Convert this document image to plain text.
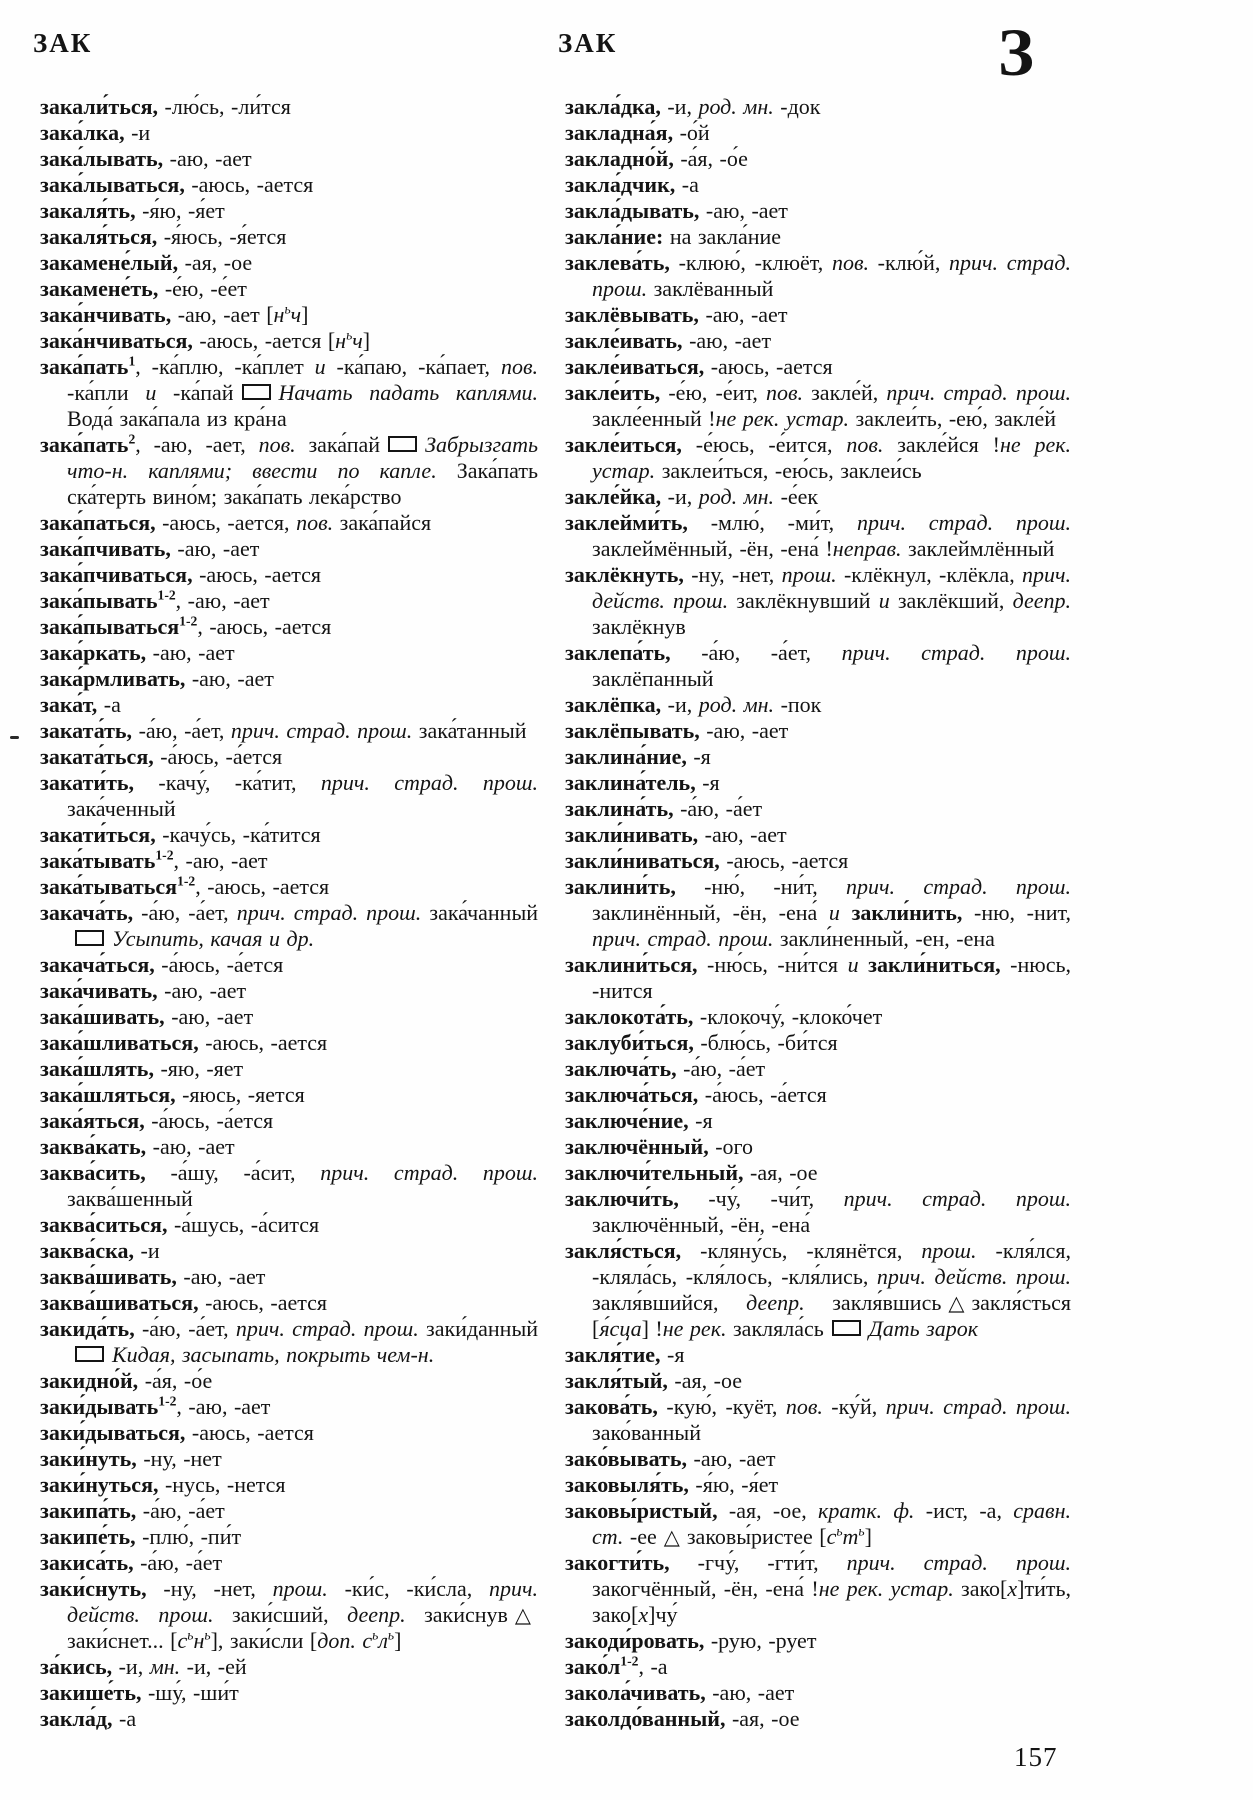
ЗАК	ЗАК	З

закали́ться, -лю́сь, -ли́тся

зака́лка, -и

зака́лывать, -аю, -ает

зака́лываться, -аюсь, -ается

закаля́ть, -я́ю, -я́ет

закаля́ться, -я́юсь, -я́ется

закамене́лый, -ая, -ое

закамене́ть, -е́ю, -е́ет

зака́нчивать, -аю, -ает $[н^ьч]$

зака́нчиваться, -аюсь, -ается $[н^ьч]$

зака́пать$^1$, -ка́плю, -ка́плет и -ка́паю, -ка́пает, пов. -ка́пли и -ка́пай Начать падать каплями. Вода́ зака́пала из кра́на

зака́пать$^2$, -аю, -ает, пов. зака́пай Забрызгать что-н. каплями; ввести по капле. Зака́пать ска́терть вино́м; зака́пать лека́рство

зака́паться, -аюсь, -ается, пов. зака́пайся

зака́пчивать, -аю, -ает

зака́пчиваться, -аюсь, -ается

зака́пывать$^{1-2}$, -аю, -ает

зака́пываться$^{1-2}$, -аюсь, -ается

зака́ркать, -аю, -ает

зака́рмливать, -аю, -ает

зака́т, -а

заката́ть, -а́ю, -а́ет, прич. страд. прош. зака́танный

заката́ться, -а́юсь, -а́ется

закати́ть, -качу́, -ка́тит, прич. страд. прош. зака́ченный

закати́ться, -качу́сь, -ка́тится

зака́тывать$^{1-2}$, -аю, -ает

зака́тываться$^{1-2}$, -аюсь, -ается

закача́ть, -а́ю, -а́ет, прич. страд. прош. зака́чанныйУсыпить, качая и др.

закача́ться, -а́юсь, -а́ется

зака́чивать, -аю, -ает

зака́шивать, -аю, -ает

зака́шливаться, -аюсь, -ается

зака́шлять, -яю, -яет

зака́шляться, -яюсь, -яется

зака́яться, -а́юсь, -а́ется

заква́кать, -аю, -ает

заква́сить, -а́шу, -а́сит, прич. страд. прош. заква́шенный

заква́ситься, -а́шусь, -а́сится

заква́ска, -и

заква́шивать, -аю, -ает

заква́шиваться, -аюсь, -ается

закида́ть, -а́ю, -а́ет, прич. страд. прош. заки́данныйКидая, засыпать, покрыть чем-н.

закидно́й, -а́я, -о́е

заки́дывать$^{1-2}$, -аю, -ает

заки́дываться, -аюсь, -ается

заки́нуть, -ну, -нет

заки́нуться, -нусь, -нется

закипа́ть, -а́ю, -а́ет

закипе́ть, -плю́, -пи́т

закиса́ть, -а́ю, -а́ет

заки́снуть, -ну, -нет, прош. -ки́с, -ки́сла, прич. действ. прош. заки́сший, деепр. заки́снув △заки́снет... $[с^ьн^ь]$, заки́сли [доп. $с^ьл^ь$]

за́кись, -и, мн. -и, -ей

закише́ть, -шу́, -ши́т

закла́д, -а

закла́дка, -и, род. мн. -док

закладна́я, -о́й

закладно́й, -а́я, -о́е

закла́дчик, -а

закла́дывать, -аю, -ает

закла́ние: на закла́ние

заклева́ть, -клюю́, -клюёт, пов. -клю́й, прич. страд. прош. заклёванный

заклёвывать, -аю, -ает

закле́ивать, -аю, -ает

закле́иваться, -аюсь, -ается

закле́ить, -е́ю, -е́ит, пов. закле́й, прич. страд. прош. закле́енный !не рек. устар. заклеи́ть, -ею́, закле́й

закле́иться, -е́юсь, -е́ится, пов. закле́йся !не рек. устар. заклеи́ться, -ею́сь, заклеи́сь

закле́йка, -и, род. мн. -е́ек

заклейми́ть, -млю́, -ми́т, прич. страд. прош. заклеймённый, -ён, -ена́ !неправ. заклеймлённый

заклёкнуть, -ну, -нет, прош. -клёкнул, -клёкла, прич. действ. прош. заклёкнувший и заклёкший, деепр. заклёкнув

заклепа́ть, -а́ю, -а́ет, прич. страд. прош. заклёпанный

заклёпка, -и, род. мн. -пок

заклёпывать, -аю, -ает

заклина́ние, -я

заклина́тель, -я

заклина́ть, -а́ю, -а́ет

закли́нивать, -аю, -ает

закли́ниваться, -аюсь, -ается

заклини́ть, -ню́, -ни́т, прич. страд. прош. заклинённый, -ён, -ена́ и закли́нить, -ню, -нит, прич. страд. прош. закли́ненный, -ен, -ена

заклини́ться, -ню́сь, -ни́тся и закли́ниться, -нюсь, -нится

заклокота́ть, -клокочу́, -клоко́чет

заклуби́ться, -блю́сь, -би́тся

заключа́ть, -а́ю, -а́ет

заключа́ться, -а́юсь, -а́ется

заключе́ние, -я

заключённый, -ого

заключи́тельный, -ая, -ое

заключи́ть, -чу́, -чи́т, прич. страд. прош. заключённый, -ён, -ена́

закля́сться, -кляну́сь, -клянётся, прош. -кля́лся, -кляла́сь, -кля́лось, -кля́лись, прич. действ. прош. закля́вшийся, деепр. закля́вшись △ закля́сться [я́сца] !не рек. закляла́сь Дать зарок

закля́тие, -я

закля́тый, -ая, -ое

закова́ть, -кую́, -куёт, пов. -ку́й, прич. страд. прош. зако́ванный

зако́вывать, -аю, -ает

заковыля́ть, -я́ю, -я́ет

заковы́ристый, -ая, -ое, кратк. ф. -ист, -а, сравн. ст. -ее △ заковы́ристее $[с^ьт^ь]$

закогти́ть, -гчу́, -гти́т, прич. страд. прош. закогчённый, -ён, -ена́ !не рек. устар. зако[х]ти́ть, зако[х]чу́

закоди́ровать, -рую, -рует

$зако́л^{1-2}$, -а

закола́чивать, -аю, -ает

заколдо́ванный, -ая, -ое

157
